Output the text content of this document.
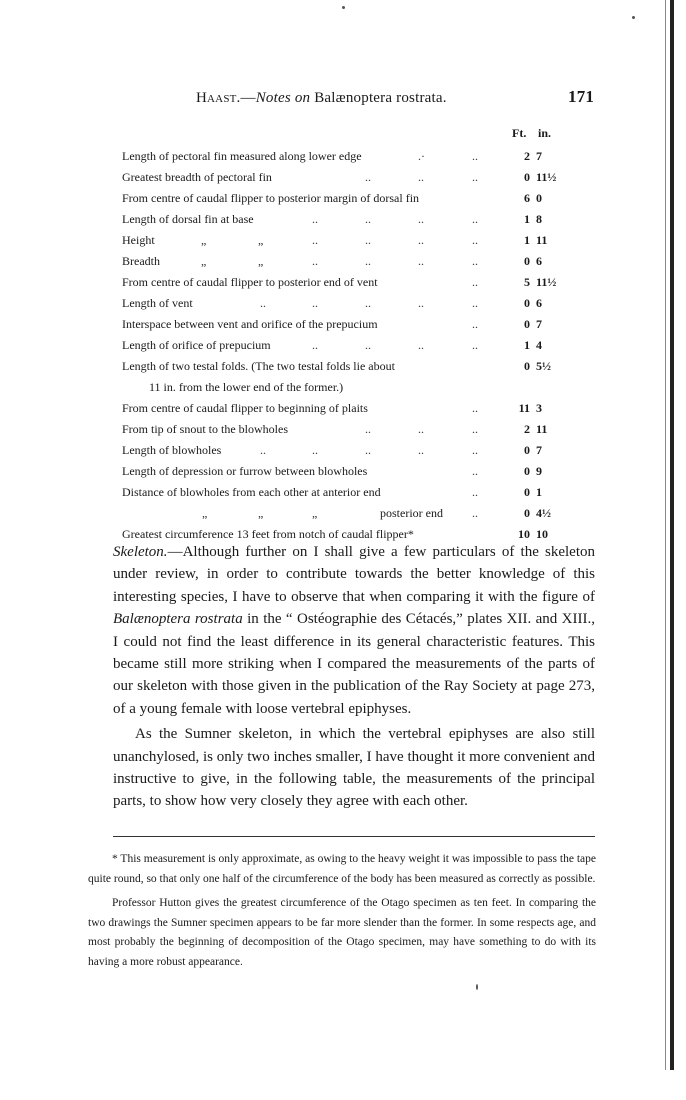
Haast.—Notes on Balænoptera rostrata.	171
Ft. in.
Length of pectoral fin measured along lower edge	.·	..	2 7
Greatest breadth of pectoral fin	..	..	..	0 11½
From centre of caudal flipper to posterior margin of dorsal fin	6 0
Length of dorsal fin at base	..	..	..	..	1 8
Height	„	„	..	..	..	..	1 11
Breadth	„	„	..	..	..	..	0 6
From centre of caudal flipper to posterior end of vent	..	5 11½
Length of vent	..	..	..	..	..	0 6
Interspace between vent and orifice of the prepucium	..	0 7
Length of orifice of prepucium	..	..	..	..	1 4
Length of two testal folds. (The two testal folds lie about	0 5½
11 in. from the lower end of the former.)
From centre of caudal flipper to beginning of plaits	..	11 3
From tip of snout to the blowholes	..	..	..	2 11
Length of blowholes	..	..	..	..	..	0 7
Length of depression or furrow between blowholes	..	0 9
Distance of blowholes from each other at anterior end	..	0 1
„	„	„	posterior end ..	0 4½
Greatest circumference 13 feet from notch of caudal flipper*	10 10

Skeleton.—Although further on I shall give a few particulars of the skeleton under review, in order to contribute towards the better knowledge of this interesting species, I have to observe that when comparing it with the figure of Balænoptera rostrata in the “ Ostéographie des Cétacés,” plates XII. and XIII., I could not find the least difference in its general characteristic features. This became still more striking when I compared the measurements of the parts of our skeleton with those given in the publication of the Ray Society at page 273, of a young female with loose vertebral epiphyses.

As the Sumner skeleton, in which the vertebral epiphyses are also still unanchylosed, is only two inches smaller, I have thought it more convenient and instructive to give, in the following table, the measurements of the principal parts, to show how very closely they agree with each other.

* This measurement is only approximate, as owing to the heavy weight it was impossible to pass the tape quite round, so that only one half of the circumference of the body has been measured as correctly as possible.

Professor Hutton gives the greatest circumference of the Otago specimen as ten feet. In comparing the two drawings the Sumner specimen appears to be far more slender than the former. In some respects age, and most probably the beginning of decomposition of the Otago specimen, may have something to do with its having a more robust appearance.
